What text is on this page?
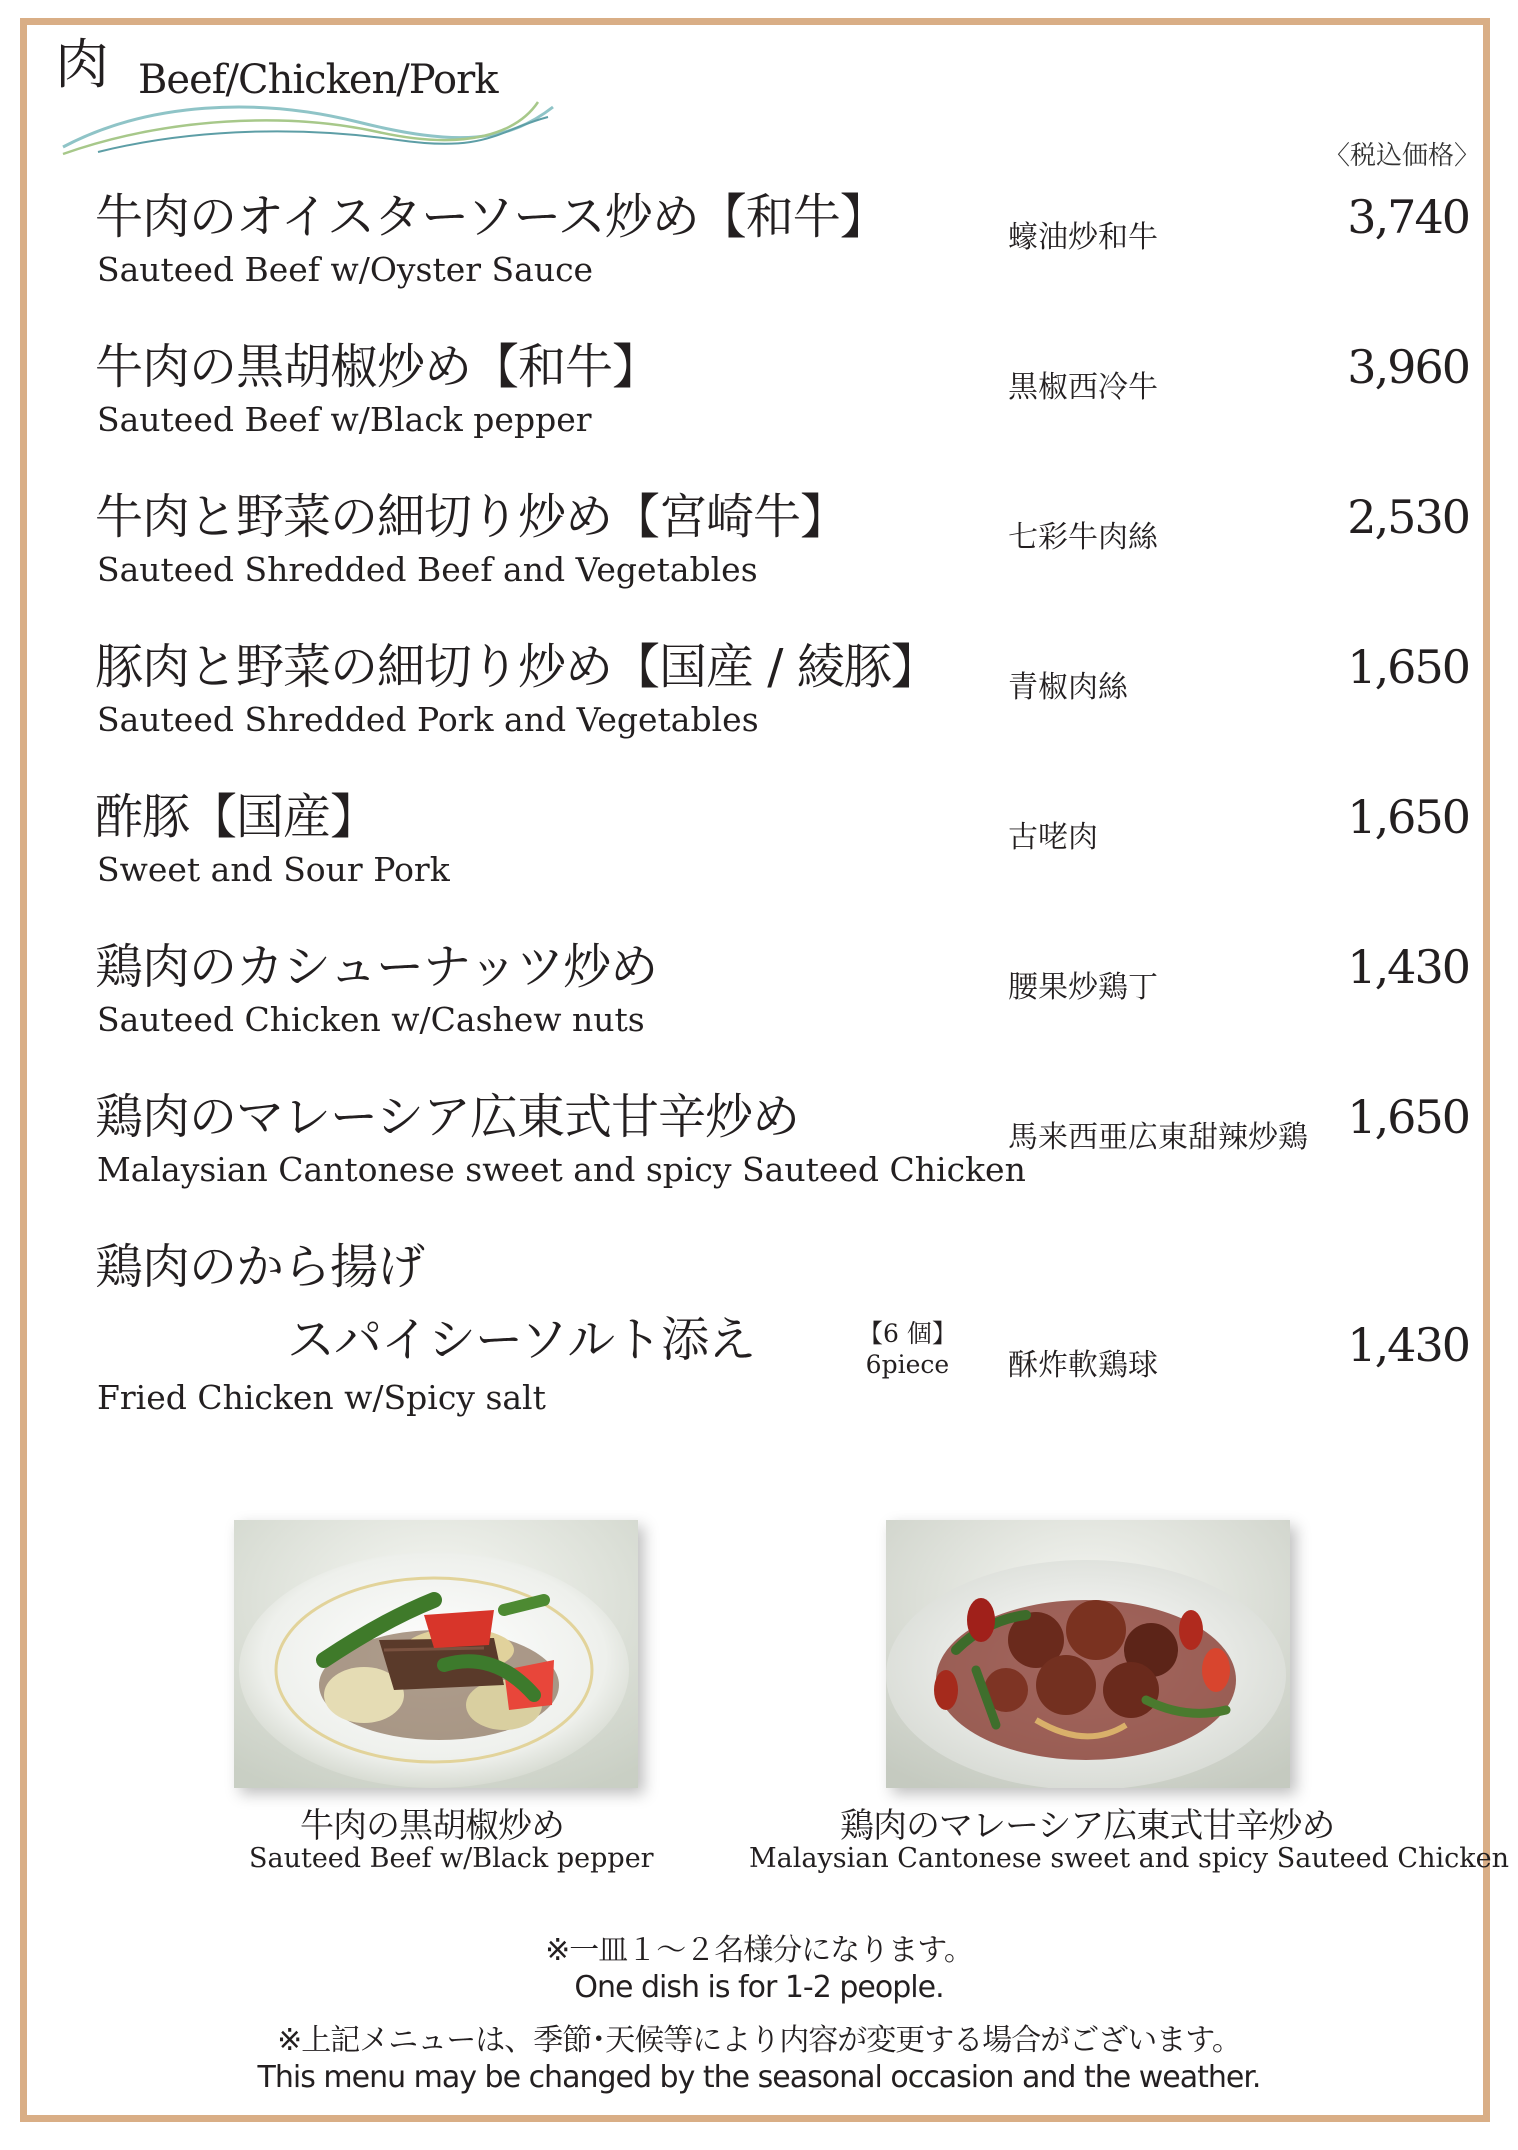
肉 Beef/Chicken/Pork
〈税込価格〉
牛肉のオイスターソース炒め【和牛】
Sauteed Beef w/Oyster Sauce
蠔油炒和牛	3,740
牛肉の黒胡椒炒め【和牛】
Sauteed Beef w/Black pepper
黒椒西冷牛	3,960
牛肉と野菜の細切り炒め【宮崎牛】
Sauteed Shredded Beef and Vegetables
七彩牛肉絲	2,530
豚肉と野菜の細切り炒め【国産 / 綾豚】
Sauteed Shredded Pork and Vegetables
青椒肉絲	1,650
酢豚【国産】
Sweet and Sour Pork
古咾肉	1,650
鶏肉のカシューナッツ炒め
Sauteed Chicken w/Cashew nuts
腰果炒鶏丁	1,430
鶏肉のマレーシア広東式甘辛炒め
Malaysian Cantonese sweet and spicy Sauteed Chicken
馬来西亜広東甜辣炒鶏 1,650
鶏肉のから揚げ
スパイシーソルト添え	【6 個】
6piece
Fried Chicken w/Spicy salt
酥炸軟鶏球	1,430
牛肉の黒胡椒炒め
Sauteed Beef w/Black pepper
鶏肉のマレーシア広東式甘辛炒め
Malaysian Cantonese sweet and spicy Sauteed Chicken
※一皿１～２名様分になります。
One dish is for 1-2 people.
※上記メニューは、季節･天候等により内容が変更する場合がございます。
This menu may be changed by the seasonal occasion and the weather.
